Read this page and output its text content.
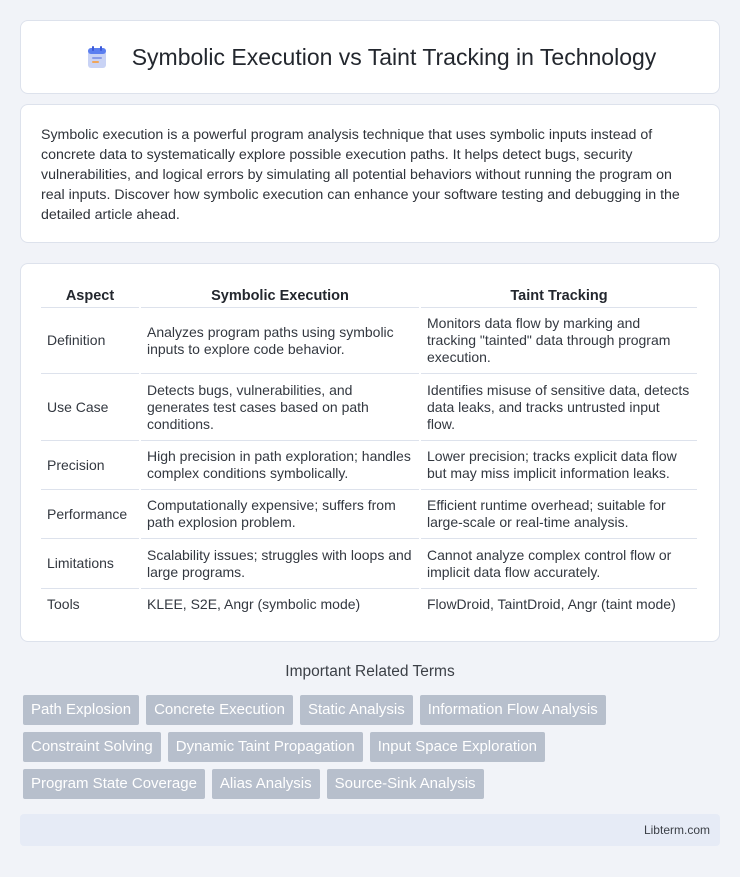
Symbolic Execution vs Taint Tracking in Technology

Symbolic execution is a powerful program analysis technique that uses symbolic inputs instead of concrete data to systematically explore possible execution paths. It helps detect bugs, security vulnerabilities, and logical errors by simulating all potential behaviors without running the program on real inputs. Discover how symbolic execution can enhance your software testing and debugging in the detailed article ahead.

Aspect	Symbolic Execution	Taint Tracking
Definition	Analyzes program paths using symbolic inputs to explore code behavior.	Monitors data flow by marking and tracking "tainted" data through program execution.
Use Case	Detects bugs, vulnerabilities, and generates test cases based on path conditions.	Identifies misuse of sensitive data, detects data leaks, and tracks untrusted input flow.
Precision	High precision in path exploration; handles complex conditions symbolically.	Lower precision; tracks explicit data flow but may miss implicit information leaks.
Performance	Computationally expensive; suffers from path explosion problem.	Efficient runtime overhead; suitable for large-scale or real-time analysis.
Limitations	Scalability issues; struggles with loops and large programs.	Cannot analyze complex control flow or implicit data flow accurately.
Tools	KLEE, S2E, Angr (symbolic mode)	FlowDroid, TaintDroid, Angr (taint mode)
Important Related Terms
Path Explosion	Concrete Execution	Static Analysis	Information Flow Analysis
Constraint Solving	Dynamic Taint Propagation	Input Space Exploration
Program State Coverage	Alias Analysis	Source-Sink Analysis
Libterm.com
